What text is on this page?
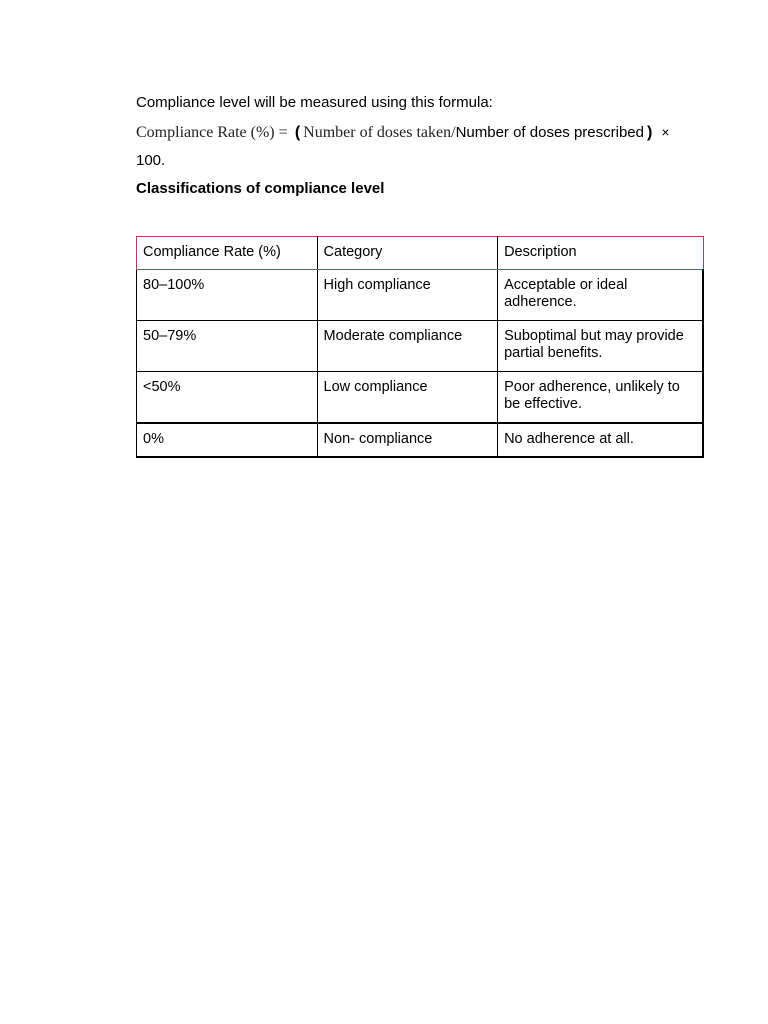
Compliance level will be measured using this formula:
Compliance Rate (%) = ( Number of doses taken/Number of doses prescribed ) ×
100.
Classifications of compliance level
Compliance Rate (%)	Category	Description
80–100%	High compliance	Acceptable or ideal adherence.
50–79%	Moderate compliance	Suboptimal but may provide partial benefits.
<50%	Low compliance	Poor adherence, unlikely to be effective.
0%	Non- compliance	No adherence at all.
